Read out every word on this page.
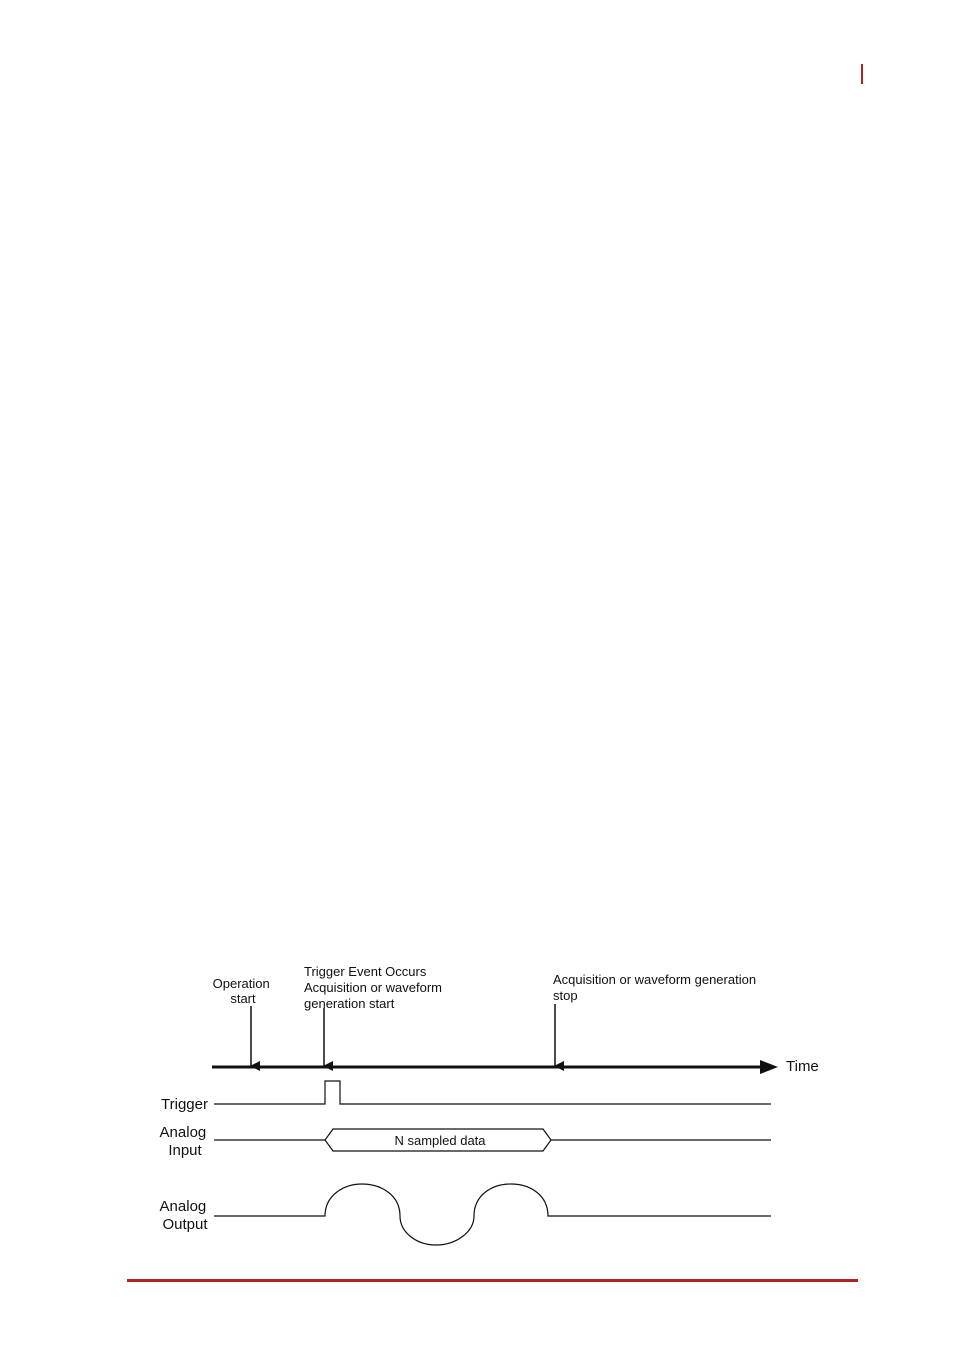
Operation start
Trigger Event Occurs Acquisition or waveform generation start
Acquisition or waveform generation stop
Time
Trigger
Analog Input
Analog Output
N sampled data
